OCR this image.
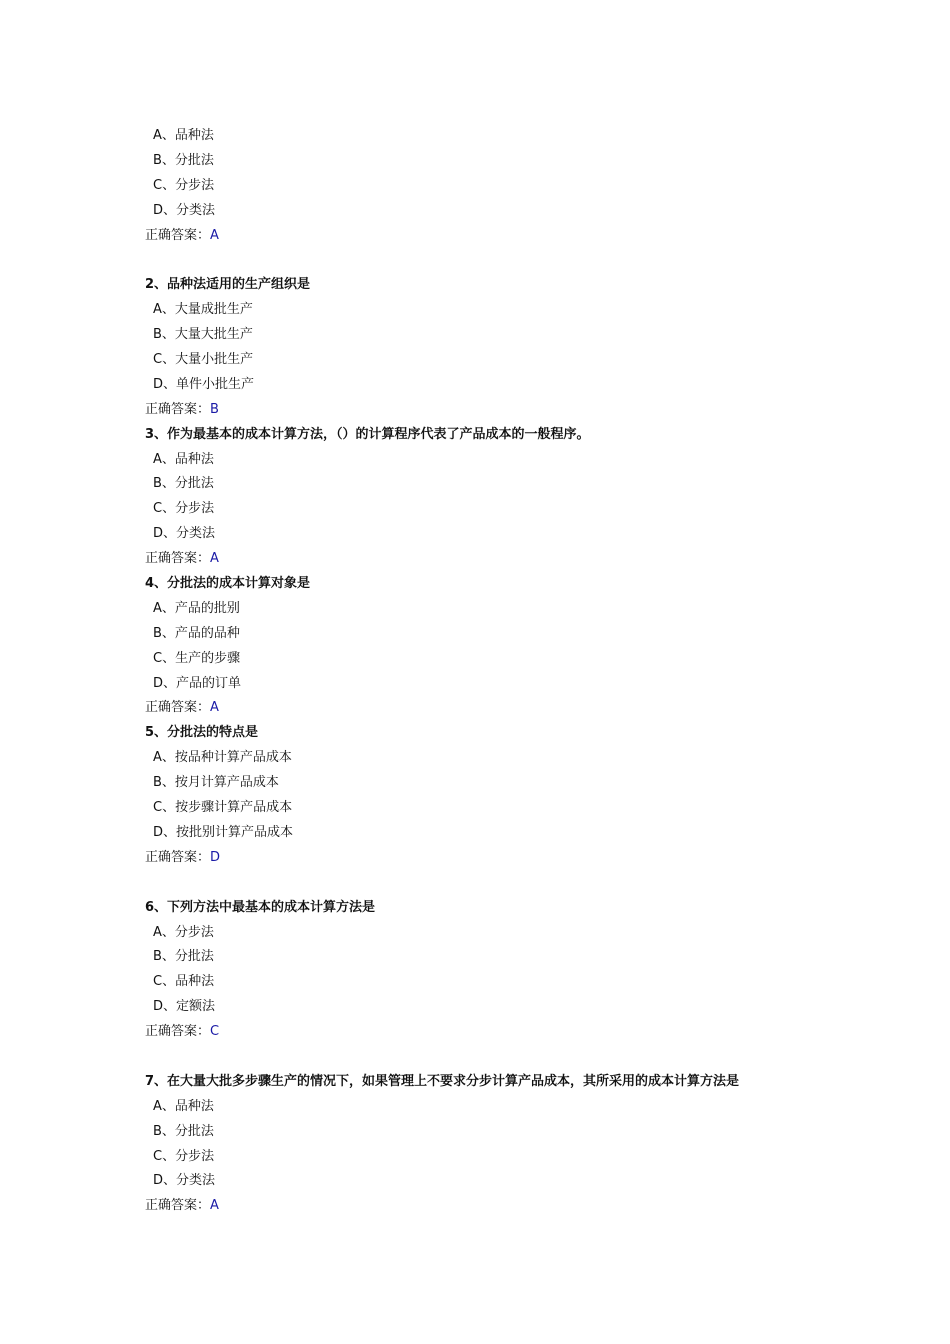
A、品种法
B、分批法
C、分步法
D、分类法
正确答案：A
2、品种法适用的生产组织是
A、大量成批生产
B、大量大批生产
C、大量小批生产
D、单件小批生产
正确答案：B
3、作为最基本的成本计算方法，（）的计算程序代表了产品成本的一般程序。
A、品种法
B、分批法
C、分步法
D、分类法
正确答案：A
4、分批法的成本计算对象是
A、产品的批别
B、产品的品种
C、生产的步骤
D、产品的订单
正确答案：A
5、分批法的特点是
A、按品种计算产品成本
B、按月计算产品成本
C、按步骤计算产品成本
D、按批别计算产品成本
正确答案：D
6、下列方法中最基本的成本计算方法是
A、分步法
B、分批法
C、品种法
D、定额法
正确答案：C
7、在大量大批多步骤生产的情况下，如果管理上不要求分步计算产品成本，其所采用的成本计算方法是
A、品种法
B、分批法
C、分步法
D、分类法
正确答案：A
